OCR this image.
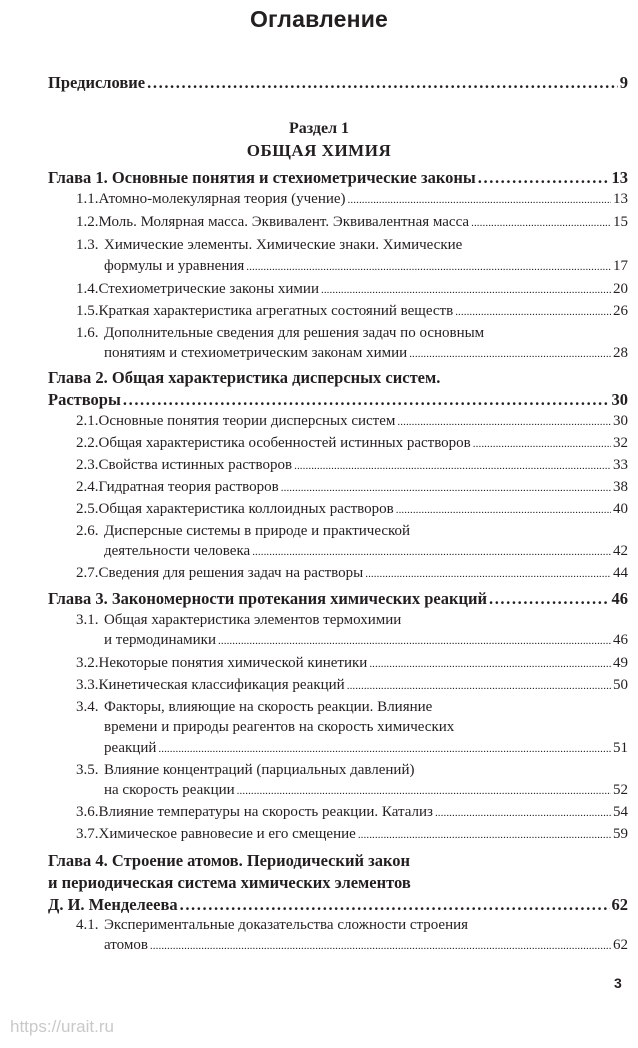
Оглавление
Предисловие .....	9
Раздел 1
ОБЩАЯ ХИМИЯ
Глава 1. Основные понятия и стехиометрические законы .....	13
1.1. Атомно-молекулярная теория (учение) .....	13
1.2. Моль. Молярная масса. Эквивалент. Эквивалентная масса .....	15
1.3. Химические элементы. Химические знаки. Химические
формулы и уравнения .....	17
1.4. Стехиометрические законы химии .....	20
1.5. Краткая характеристика агрегатных состояний веществ .....	26
1.6. Дополнительные сведения для решения задач по основным
понятиям и стехиометрическим законам химии .....	28
Глава 2. Общая характеристика дисперсных систем.
Растворы .....	30
2.1. Основные понятия теории дисперсных систем .....	30
2.2. Общая характеристика особенностей истинных растворов .....	32
2.3. Свойства истинных растворов .....	33
2.4. Гидратная теория растворов .....	38
2.5. Общая характеристика коллоидных растворов .....	40
2.6. Дисперсные системы в природе и практической
деятельности человека .....	42
2.7. Сведения для решения задач на растворы .....	44
Глава 3. Закономерности протекания химических реакций .....	46
3.1. Общая характеристика элементов термохимии
и термодинамики .....	46
3.2. Некоторые понятия химической кинетики .....	49
3.3. Кинетическая классификация реакций .....	50
3.4. Факторы, влияющие на скорость реакции. Влияние
времени и природы реагентов на скорость химических
реакций .....	51
3.5. Влияние концентраций (парциальных давлений)
на скорость реакции .....	52
3.6. Влияние температуры на скорость реакции. Катализ .....	54
3.7. Химическое равновесие и его смещение .....	59
Глава 4. Строение атомов. Периодический закон
и периодическая система химических элементов
Д. И. Менделеева .....	62
4.1. Экспериментальные доказательства сложности строения
атомов .....	62
3
https://urait.ru
